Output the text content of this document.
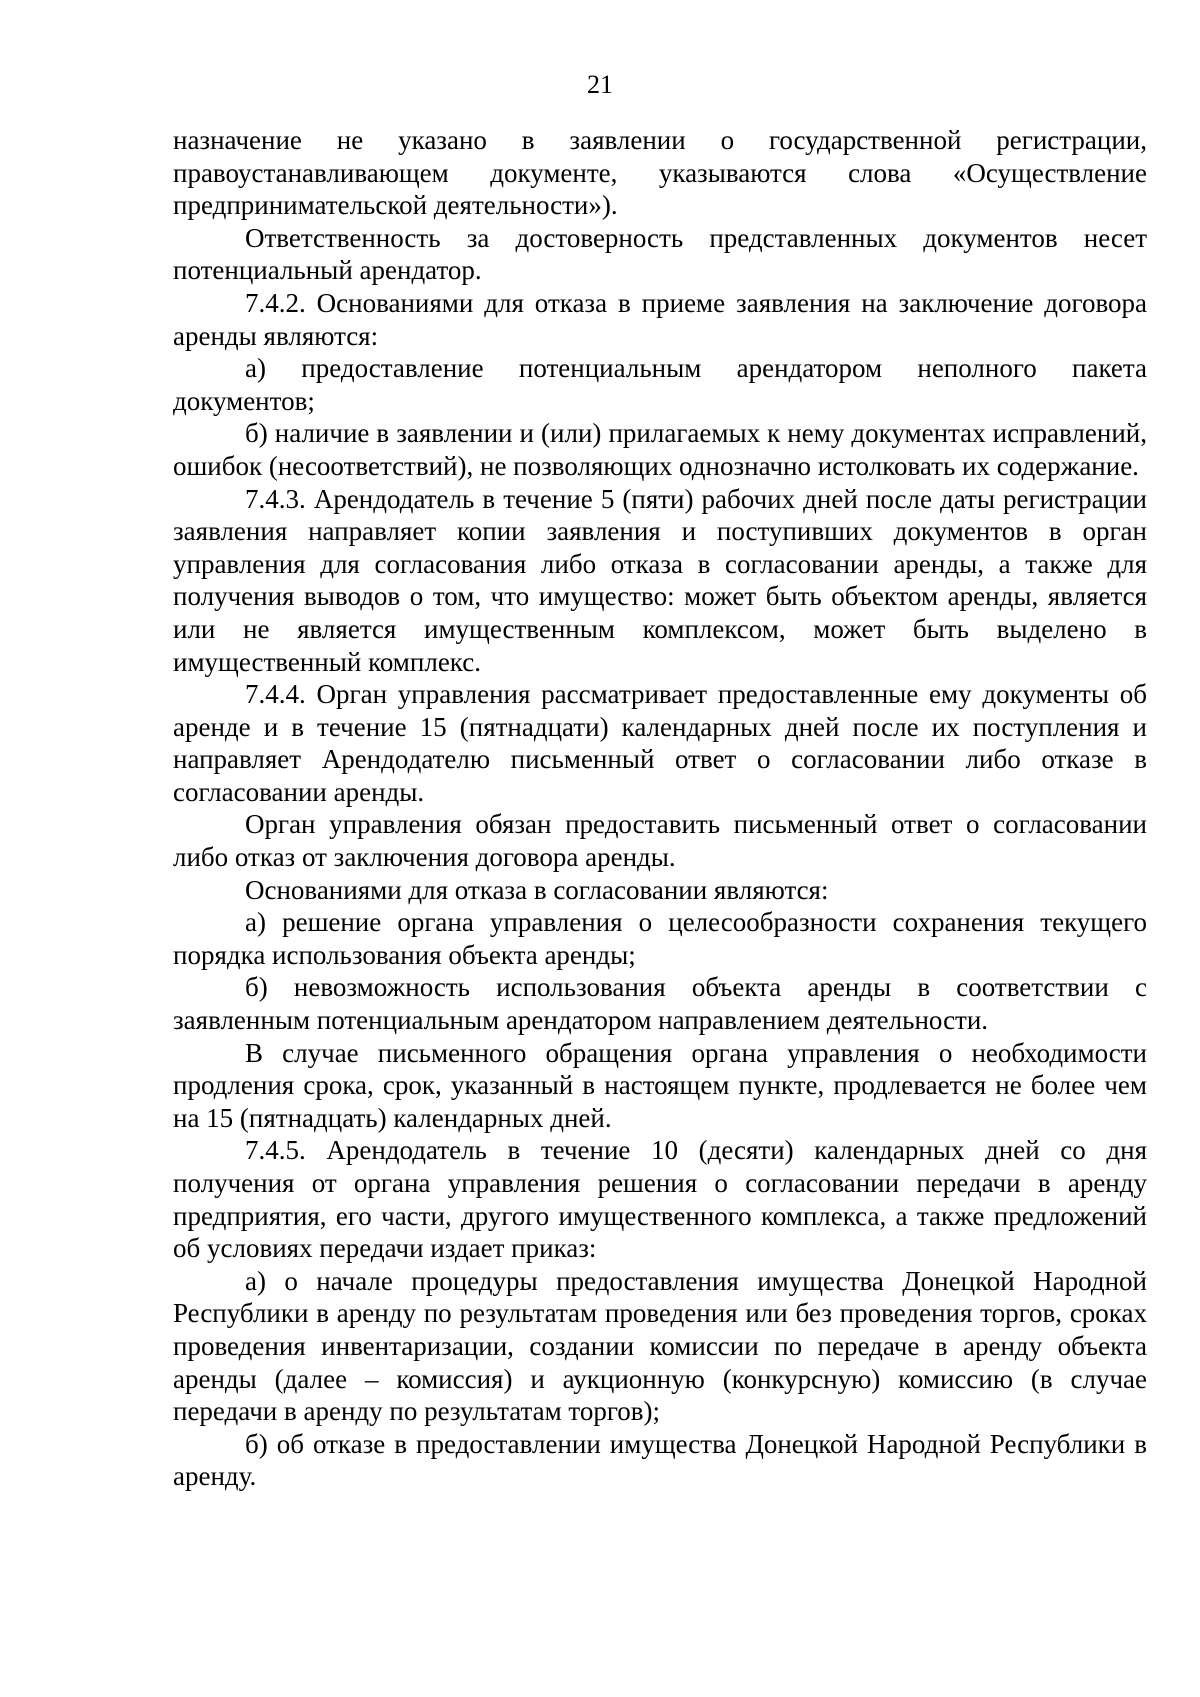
21

назначение не указано в заявлении о государственной регистрации, правоустанавливающем документе, указываются слова «Осуществление предпринимательской деятельности»).

Ответственность за достоверность представленных документов несет потенциальный арендатор.

7.4.2. Основаниями для отказа в приеме заявления на заключение договора аренды являются:

а) предоставление потенциальным арендатором неполного пакета документов;

б) наличие в заявлении и (или) прилагаемых к нему документах исправлений, ошибок (несоответствий), не позволяющих однозначно истолковать их содержание.

7.4.3. Арендодатель в течение 5 (пяти) рабочих дней после даты регистрации заявления направляет копии заявления и поступивших документов в орган управления для согласования либо отказа в согласовании аренды, а также для получения выводов о том, что имущество: может быть объектом аренды, является или не является имущественным комплексом, может быть выделено в имущественный комплекс.

7.4.4. Орган управления рассматривает предоставленные ему документы об аренде и в течение 15 (пятнадцати) календарных дней после их поступления и направляет Арендодателю письменный ответ о согласовании либо отказе в согласовании аренды.

Орган управления обязан предоставить письменный ответ о согласовании либо отказ от заключения договора аренды.

Основаниями для отказа в согласовании являются:

а) решение органа управления о целесообразности сохранения текущего порядка использования объекта аренды;

б) невозможность использования объекта аренды в соответствии с заявленным потенциальным арендатором направлением деятельности.

В случае письменного обращения органа управления о необходимости продления срока, срок, указанный в настоящем пункте, продлевается не более чем на 15 (пятнадцать) календарных дней.

7.4.5. Арендодатель в течение 10 (десяти) календарных дней со дня получения от органа управления решения о согласовании передачи в аренду предприятия, его части, другого имущественного комплекса, а также предложений об условиях передачи издает приказ:

а) о начале процедуры предоставления имущества Донецкой Народной Республики в аренду по результатам проведения или без проведения торгов, сроках проведения инвентаризации, создании комиссии по передаче в аренду объекта аренды (далее – комиссия) и аукционную (конкурсную) комиссию (в случае передачи в аренду по результатам торгов);

б) об отказе в предоставлении имущества Донецкой Народной Республики в аренду.
